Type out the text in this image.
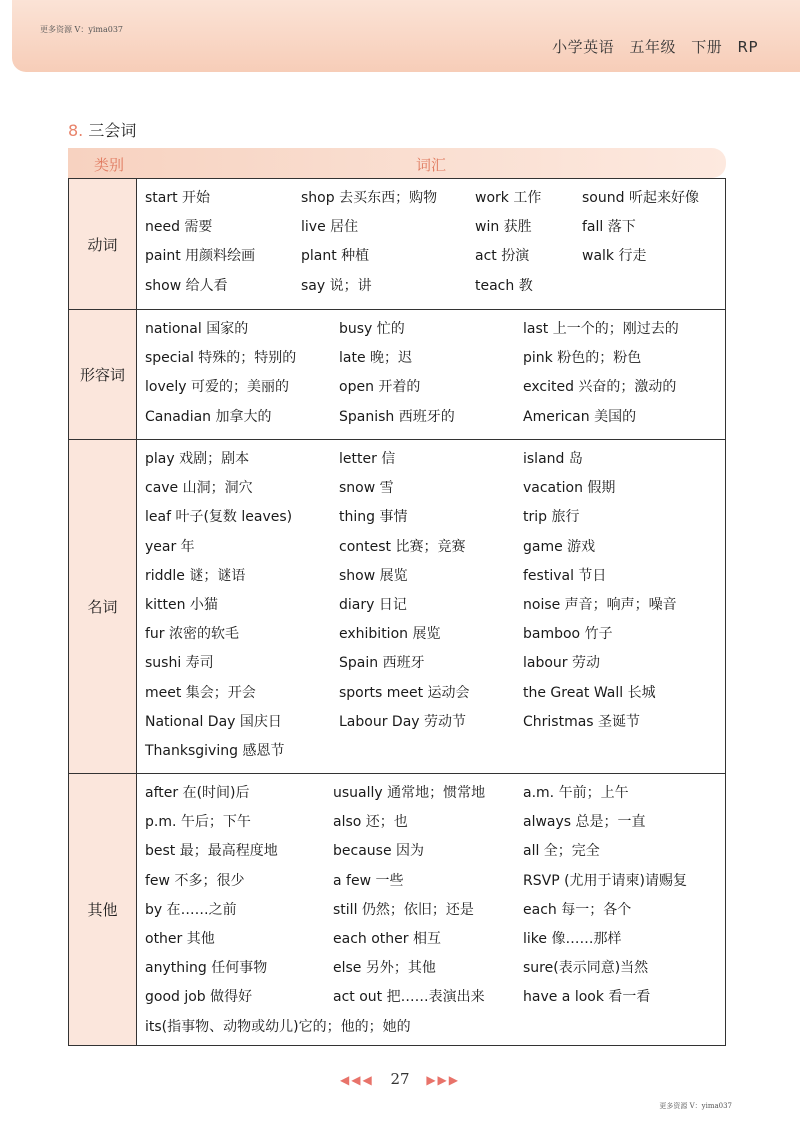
更多资源 V：yima037
小学英语 五年级 下册 RP
8. 三会词
类别	词汇
动词
start 开始	shop 去买东西；购物	work 工作	sound 听起来好像
need 需要	live 居住	win 获胜	fall 落下
paint 用颜料绘画	plant 种植	act 扮演	walk 行走
show 给人看	say 说；讲	teach 教
形容词
national 国家的	busy 忙的	last 上一个的；刚过去的
special 特殊的；特别的	late 晚；迟	pink 粉色的；粉色
lovely 可爱的；美丽的	open 开着的	excited 兴奋的；激动的
Canadian 加拿大的	Spanish 西班牙的	American 美国的
名词
play 戏剧；剧本	letter 信	island 岛
cave 山洞；洞穴	snow 雪	vacation 假期
leaf 叶子(复数 leaves)	thing 事情	trip 旅行
year 年	contest 比赛；竞赛	game 游戏
riddle 谜；谜语	show 展览	festival 节日
kitten 小猫	diary 日记	noise 声音；响声；噪音
fur 浓密的软毛	exhibition 展览	bamboo 竹子
sushi 寿司	Spain 西班牙	labour 劳动
meet 集会；开会	sports meet 运动会	the Great Wall 长城
National Day 国庆日	Labour Day 劳动节	Christmas 圣诞节
Thanksgiving 感恩节
其他
after 在(时间)后	usually 通常地；惯常地	a.m. 午前；上午
p.m. 午后；下午	also 还；也	always 总是；一直
best 最；最高程度地	because 因为	all 全；完全
few 不多；很少	a few 一些	RSVP (尤用于请柬)请赐复
by 在……之前	still 仍然；依旧；还是	each 每一；各个
other 其他	each other 相互	like 像……那样
anything 任何事物	else 另外；其他	sure(表示同意)当然
good job 做得好	act out 把……表演出来	have a look 看一看
its(指事物、动物或幼儿)它的；他的；她的
◀◀◀ 27 ▶▶▶
更多资源 V：yima037
